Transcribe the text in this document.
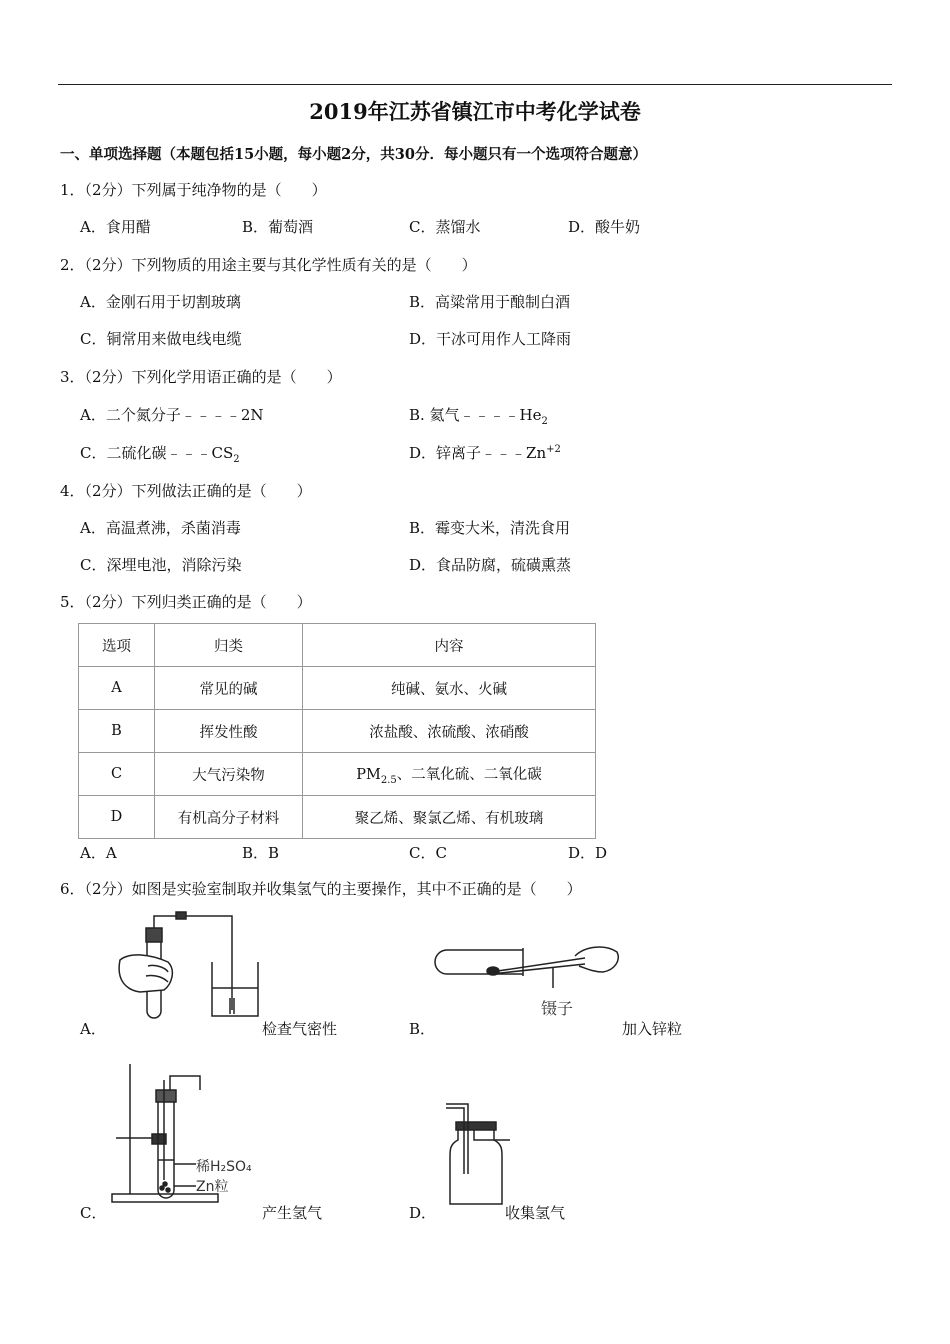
2019年江苏省镇江市中考化学试卷
一、单项选择题（本题包括15小题，每小题2分，共30分．每小题只有一个选项符合题意）
1．（2分）下列属于纯净物的是（　　）
A．食用醋	B．葡萄酒	C．蒸馏水	D．酸牛奶
2．（2分）下列物质的用途主要与其化学性质有关的是（　　）
A．金刚石用于切割玻璃	B．高粱常用于酿制白酒
C．铜常用来做电线电缆	D．干冰可用作人工降雨
3．（2分）下列化学用语正确的是（　　）
A．二个氮分子﹣﹣﹣﹣2N	B. 氦气$﹣﹣﹣﹣He_2$
C．二硫化碳$﹣﹣﹣CS_2$	D．锌离子$﹣﹣﹣Zn^{+2}$
4．（2分）下列做法正确的是（　　）
A．高温煮沸，杀菌消毒	B．霉变大米，清洗食用
C．深埋电池，消除污染	D．食品防腐，硫磺熏蒸
5．（2分）下列归类正确的是（　　）
选项	归类	内容
A	常见的碱	纯碱、氨水、火碱
B	挥发性酸	浓盐酸、浓硫酸、浓硝酸
C	大气污染物	$PM_{2.5}$、二氧化硫、二氧化碳
D	有机高分子材料	聚乙烯、聚氯乙烯、有机玻璃
A．A	B．B	C．C	D．D
6．（2分）如图是实验室制取并收集氢气的主要操作，其中不正确的是（　　）
A．	检查气密性
镊子
B．	加入锌粒
稀H₂SO₄
Zn粒
C．	产生氢气	D．	收集氢气
